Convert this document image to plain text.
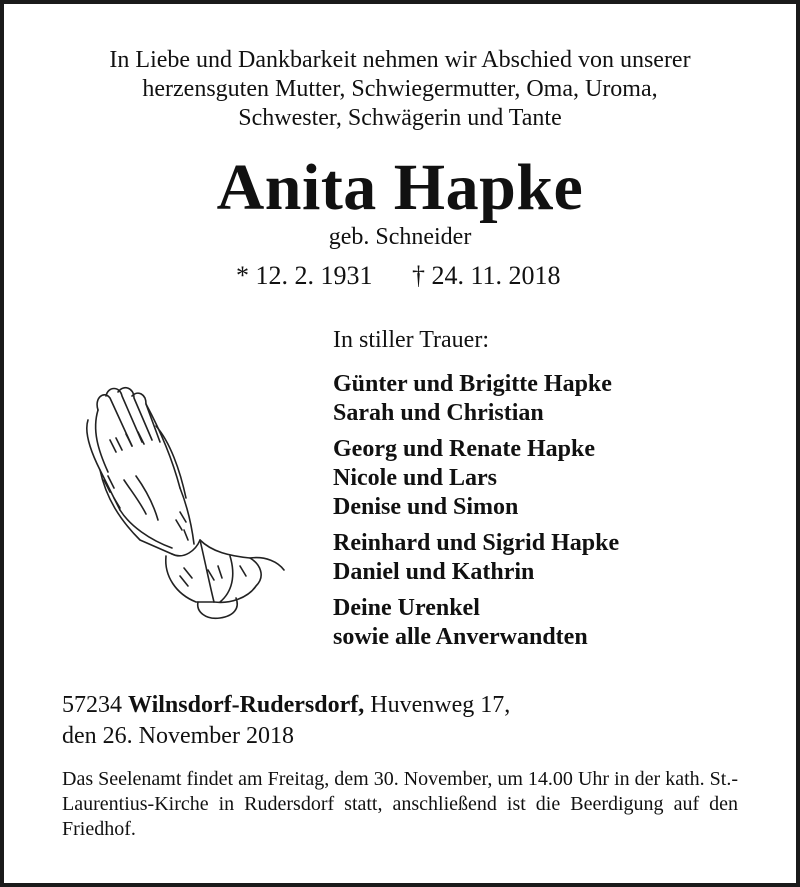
In Liebe und Dankbarkeit nehmen wir Abschied von unserer
herzensguten Mutter, Schwiegermutter, Oma, Uroma,
Schwester, Schwägerin und Tante
Anita Hapke
geb. Schneider
* 12. 2. 1931 † 24. 11. 2018
In stiller Trauer:
Günter und Brigitte Hapke
Sarah und Christian
Georg und Renate Hapke
Nicole und Lars
Denise und Simon
Reinhard und Sigrid Hapke
Daniel und Kathrin
Deine Urenkel
sowie alle Anverwandten
57234 Wilnsdorf-Rudersdorf, Huvenweg 17,
den 26. November 2018
Das Seelenamt findet am Freitag, dem 30. November, um 14.00 Uhr in der kath. St.-Laurentius-Kirche in Rudersdorf statt, anschließend ist die Beerdigung auf den Friedhof.
